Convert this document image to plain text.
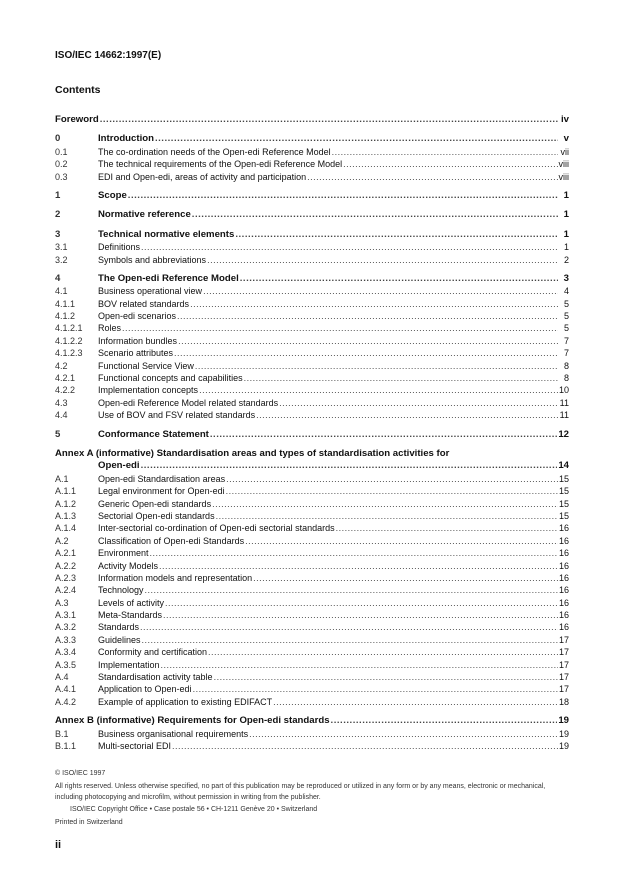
ISO/IEC 14662:1997(E)
Contents
Foreword .....	iv
0	Introduction .....	v
0.1	The co-ordination needs of the Open-edi Reference Model .....	vii
0.2	The technical requirements of the Open-edi Reference Model .....	viii
0.3	EDI and Open-edi, areas of activity and participation .....	viii
1	Scope .....	1
2	Normative reference .....	1
3	Technical normative elements .....	1
3.1	Definitions .....	1
3.2	Symbols and abbreviations .....	2
4	The Open-edi Reference Model .....	3
4.1	Business operational view .....	4
4.1.1	BOV related standards .....	5
4.1.2	Open-edi scenarios .....	5
4.1.2.1	Roles .....	5
4.1.2.2	Information bundles .....	7
4.1.2.3	Scenario attributes .....	7
4.2	Functional Service View .....	8
4.2.1	Functional concepts and capabilities .....	8
4.2.2	Implementation concepts .....	10
4.3	Open-edi Reference Model related standards .....	11
4.4	Use of BOV and FSV related standards .....	11
5	Conformance Statement .....	12
Annex A (informative) Standardisation areas and types of standardisation activities for
Open-edi .....	14
A.1	Open-edi Standardisation areas .....	15
A.1.1	Legal environment for Open-edi .....	15
A.1.2	Generic Open-edi standards .....	15
A.1.3	Sectorial Open-edi standards .....	15
A.1.4	Inter-sectorial co-ordination of Open-edi sectorial standards .....	16
A.2	Classification of Open-edi Standards .....	16
A.2.1	Environment .....	16
A.2.2	Activity Models .....	16
A.2.3	Information models and representation .....	16
A.2.4	Technology .....	16
A.3	Levels of activity .....	16
A.3.1	Meta-Standards .....	16
A.3.2	Standards .....	16
A.3.3	Guidelines .....	17
A.3.4	Conformity and certification .....	17
A.3.5	Implementation .....	17
A.4	Standardisation activity table .....	17
A.4.1	Application to Open-edi .....	17
A.4.2	Example of application to existing EDIFACT .....	18
Annex B (informative) Requirements for Open-edi standards .....	19
B.1	Business organisational requirements .....	19
B.1.1	Multi-sectorial EDI .....	19
© ISO/IEC 1997
All rights reserved. Unless otherwise specified, no part of this publication may be reproduced or utilized in any form or by any means, electronic or mechanical, including photocopying and microfilm, without permission in writing from the publisher.
ISO/IEC Copyright Office • Case postale 56 • CH-1211 Genève 20 • Switzerland
Printed in Switzerland
ii
